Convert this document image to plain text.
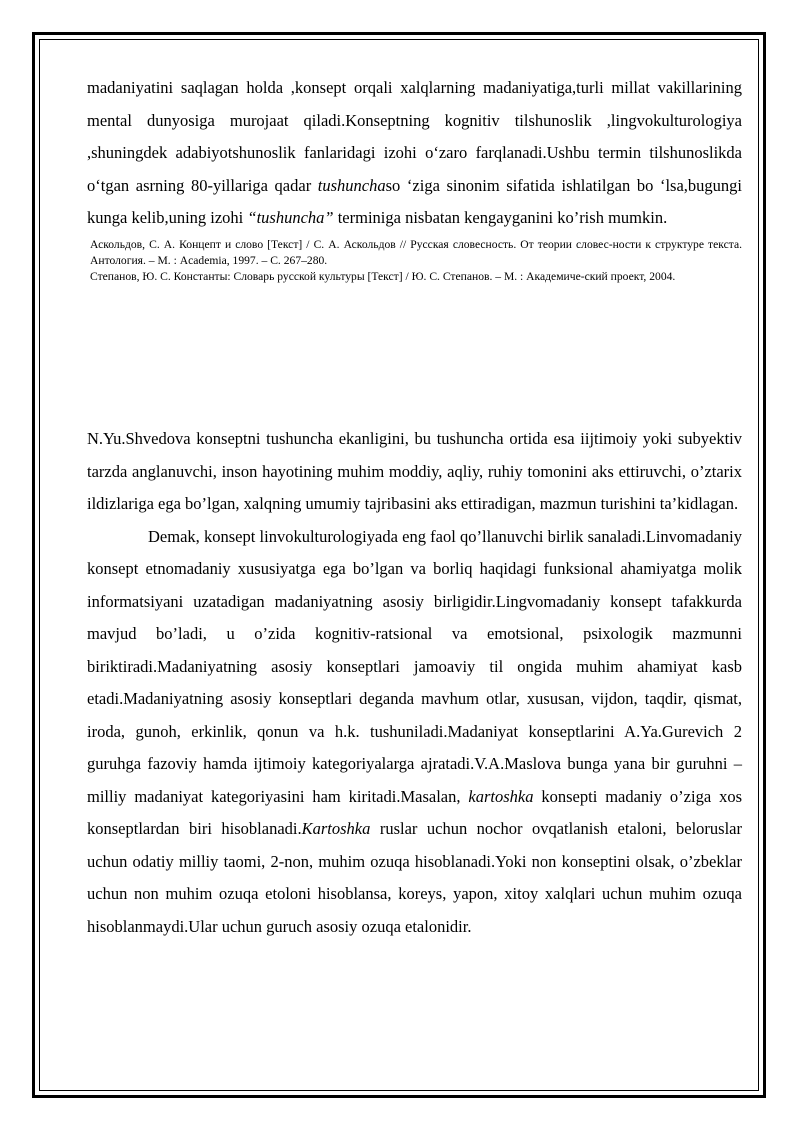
madaniyatini saqlagan holda ,konsept orqali xalqlarning madaniyatiga,turli millat vakillarining mental dunyosiga murojaat qiladi.Konseptning kognitiv tilshunoslik ,lingvokulturologiya ,shuningdek adabiyotshunoslik fanlaridagi izohi o‘zaro farqlanadi.Ushbu termin tilshunoslikda o‘tgan asrning 80-yillariga qadar tushunchaso ‘ziga sinonim sifatida ishlatilgan bo ‘lsa,bugungi kunga kelib,uning izohi “tushuncha” terminiga nisbatan kengayganini ko’rish mumkin.

Аскольдов, С. А. Концепт и слово [Текст] / С. А. Аскольдов // Русская словесность. От теории словес-ности к структуре текста. Антология. – М. : Academia, 1997. – С. 267–280.

Степанов, Ю. С. Константы: Словарь русской культуры [Текст] / Ю. С. Степанов. – М. : Академиче-ский проект, 2004.

N.Yu.Shvedova konseptni tushuncha ekanligini, bu tushuncha ortida esa iijtimoiy yoki subyektiv tarzda anglanuvchi, inson hayotining muhim moddiy, aqliy, ruhiy tomonini aks ettiruvchi, o’ztarix ildizlariga ega bo’lgan, xalqning umumiy tajribasini aks ettiradigan, mazmun turishini ta’kidlagan.

Demak, konsept linvokulturologiyada eng faol qo’llanuvchi birlik sanaladi.Linvomadaniy konsept etnomadaniy xususiyatga ega bo’lgan va borliq haqidagi funksional ahamiyatga molik informatsiyani uzatadigan madaniyatning asosiy birligidir.Lingvomadaniy konsept tafakkurda mavjud bo’ladi, u o’zida kognitiv-ratsional va emotsional, psixologik mazmunni biriktiradi.Madaniyatning asosiy konseptlari jamoaviy til ongida muhim ahamiyat kasb etadi.Madaniyatning asosiy konseptlari deganda mavhum otlar, xususan, vijdon, taqdir, qismat, iroda, gunoh, erkinlik, qonun va h.k. tushuniladi.Madaniyat konseptlarini A.Ya.Gurevich 2 guruhga fazoviy hamda ijtimoiy kategoriyalarga ajratadi.V.A.Maslova bunga yana bir guruhni – milliy madaniyat kategoriyasini ham kiritadi.Masalan, kartoshka konsepti madaniy o’ziga xos konseptlardan biri hisoblanadi.Kartoshka ruslar uchun nochor ovqatlanish etaloni, beloruslar uchun odatiy milliy taomi, 2-non, muhim ozuqa hisoblanadi.Yoki non konseptini olsak, o’zbeklar uchun non muhim ozuqa etoloni hisoblansa, koreys, yapon, xitoy xalqlari uchun muhim ozuqa hisoblanmaydi.Ular uchun guruch asosiy ozuqa etalonidir.
